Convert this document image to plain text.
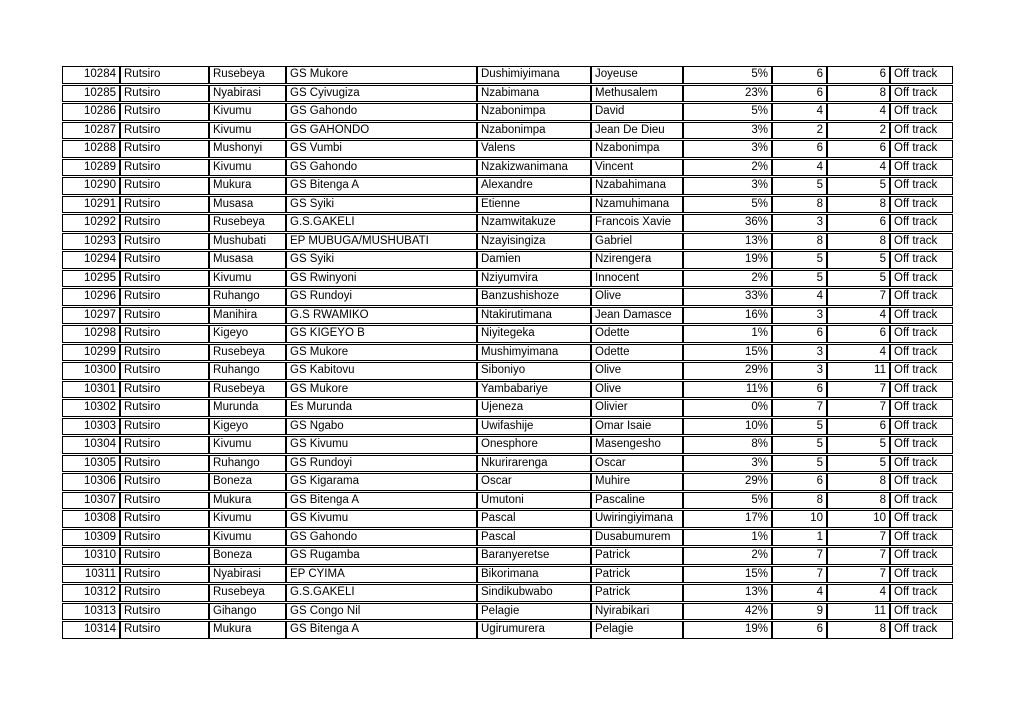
10284	Rutsiro	Rusebeya	GS Mukore	Dushimiyimana	Joyeuse	5%	6	6	Off track
10285	Rutsiro	Nyabirasi	GS Cyivugiza	Nzabimana	Methusalem	23%	6	8	Off track
10286	Rutsiro	Kivumu	GS Gahondo	Nzabonimpa	David	5%	4	4	Off track
10287	Rutsiro	Kivumu	GS GAHONDO	Nzabonimpa	Jean De Dieu	3%	2	2	Off track
10288	Rutsiro	Mushonyi	GS Vumbi	Valens	Nzabonimpa	3%	6	6	Off track
10289	Rutsiro	Kivumu	GS Gahondo	Nzakizwanimana	Vincent	2%	4	4	Off track
10290	Rutsiro	Mukura	GS Bitenga A	Alexandre	Nzabahimana	3%	5	5	Off track
10291	Rutsiro	Musasa	GS Syiki	Etienne	Nzamuhimana	5%	8	8	Off track
10292	Rutsiro	Rusebeya	G.S.GAKELI	Nzamwitakuze	Francois Xavie	36%	3	6	Off track
10293	Rutsiro	Mushubati	EP MUBUGA/MUSHUBATI	Nzayisingiza	Gabriel	13%	8	8	Off track
10294	Rutsiro	Musasa	GS Syiki	Damien	Nzirengera	19%	5	5	Off track
10295	Rutsiro	Kivumu	GS Rwinyoni	Nziyumvira	Innocent	2%	5	5	Off track
10296	Rutsiro	Ruhango	GS Rundoyi	Banzushishoze	Olive	33%	4	7	Off track
10297	Rutsiro	Manihira	G.S RWAMIKO	Ntakirutimana	Jean Damasce	16%	3	4	Off track
10298	Rutsiro	Kigeyo	GS KIGEYO B	Niyitegeka	Odette	1%	6	6	Off track
10299	Rutsiro	Rusebeya	GS Mukore	Mushimyimana	Odette	15%	3	4	Off track
10300	Rutsiro	Ruhango	GS Kabitovu	Siboniyo	Olive	29%	3	11	Off track
10301	Rutsiro	Rusebeya	GS Mukore	Yambabariye	Olive	11%	6	7	Off track
10302	Rutsiro	Murunda	Es Murunda	Ujeneza	Olivier	0%	7	7	Off track
10303	Rutsiro	Kigeyo	GS Ngabo	Uwifashije	Omar Isaie	10%	5	6	Off track
10304	Rutsiro	Kivumu	GS Kivumu	Onesphore	Masengesho	8%	5	5	Off track
10305	Rutsiro	Ruhango	GS Rundoyi	Nkurirarenga	Oscar	3%	5	5	Off track
10306	Rutsiro	Boneza	GS Kigarama	Oscar	Muhire	29%	6	8	Off track
10307	Rutsiro	Mukura	GS Bitenga A	Umutoni	Pascaline	5%	8	8	Off track
10308	Rutsiro	Kivumu	GS Kivumu	Pascal	Uwiringiyimana	17%	10	10	Off track
10309	Rutsiro	Kivumu	GS Gahondo	Pascal	Dusabumurem	1%	1	7	Off track
10310	Rutsiro	Boneza	GS Rugamba	Baranyeretse	Patrick	2%	7	7	Off track
10311	Rutsiro	Nyabirasi	EP CYIMA	Bikorimana	Patrick	15%	7	7	Off track
10312	Rutsiro	Rusebeya	G.S.GAKELI	Sindikubwabo	Patrick	13%	4	4	Off track
10313	Rutsiro	Gihango	GS Congo Nil	Pelagie	Nyirabikari	42%	9	11	Off track
10314	Rutsiro	Mukura	GS Bitenga A	Ugirumurera	Pelagie	19%	6	8	Off track
